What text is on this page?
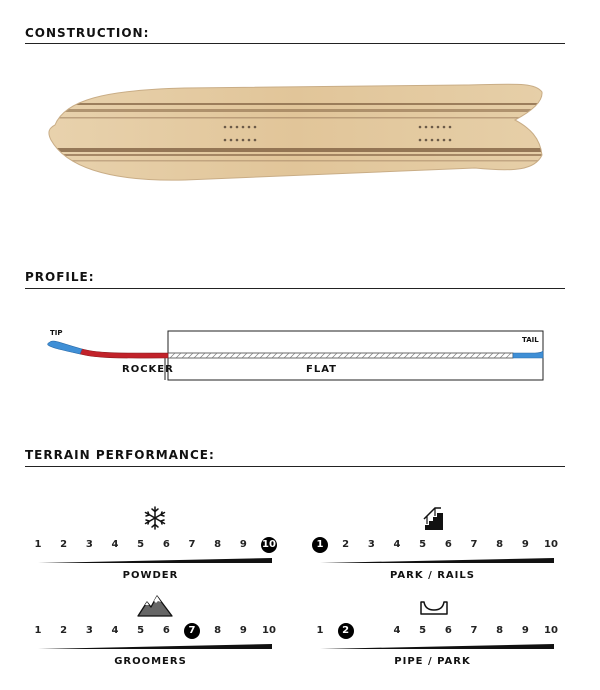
CONSTRUCTION:
PROFILE:
TIP
TAIL
ROCKER	FLAT
TERRAIN PERFORMANCE:
1	2	3	4	5	6	7	8	9	10
POWDER
1	2	3	4	5	6	7	8	9	10
PARK / RAILS
1	2	3	4	5	6	7	8	9	10
GROOMERS
1	2	4	5	6	7	8	9	10
PIPE / PARK
